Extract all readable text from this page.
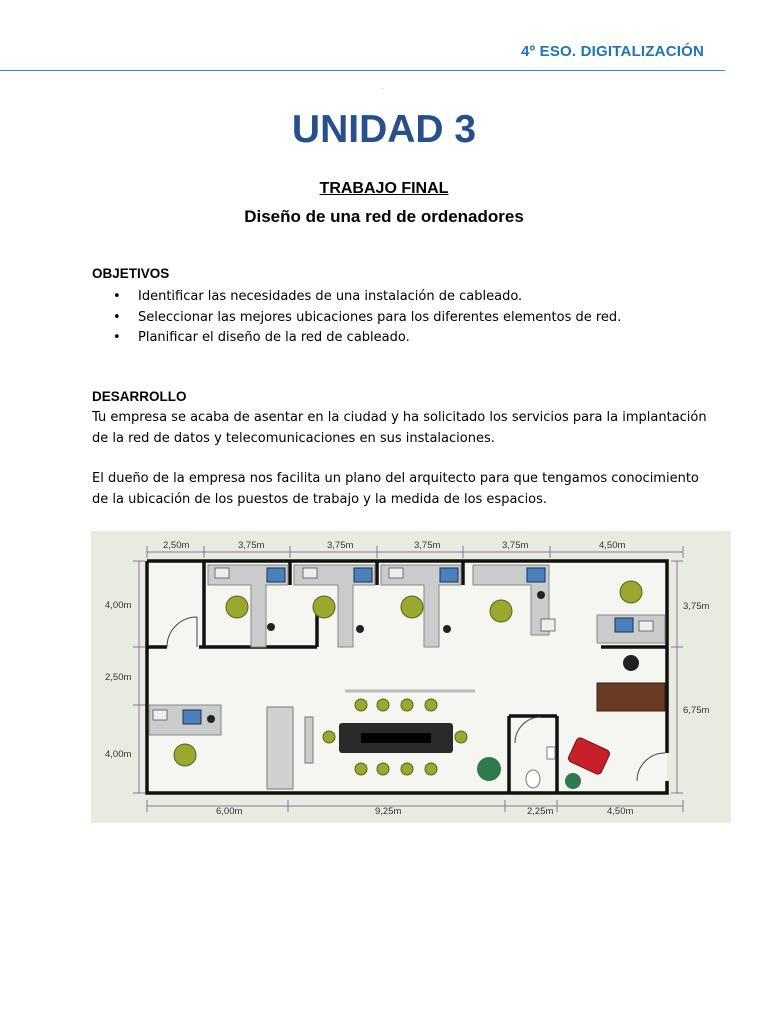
4º ESO. DIGITALIZACIÓN
.
UNIDAD 3
TRABAJO FINAL
Diseño de una red de ordenadores
OBJETIVOS
• Identificar las necesidades de una instalación de cableado.
• Seleccionar las mejores ubicaciones para los diferentes elementos de red.
• Planificar el diseño de la red de cableado.
DESARROLLO
Tu empresa se acaba de asentar en la ciudad y ha solicitado los servicios para la implantación de la red de datos y telecomunicaciones en sus instalaciones.
El dueño de la empresa nos facilita un plano del arquitecto para que tengamos conocimiento de la ubicación de los puestos de trabajo y la medida de los espacios.
2,50m	3,75m	3,75m	3,75m	3,75m	4,50m
6,00m	9,25m	2,25m	4,50m
4,00m
2,50m
4,00m
3,75m
6,75m
